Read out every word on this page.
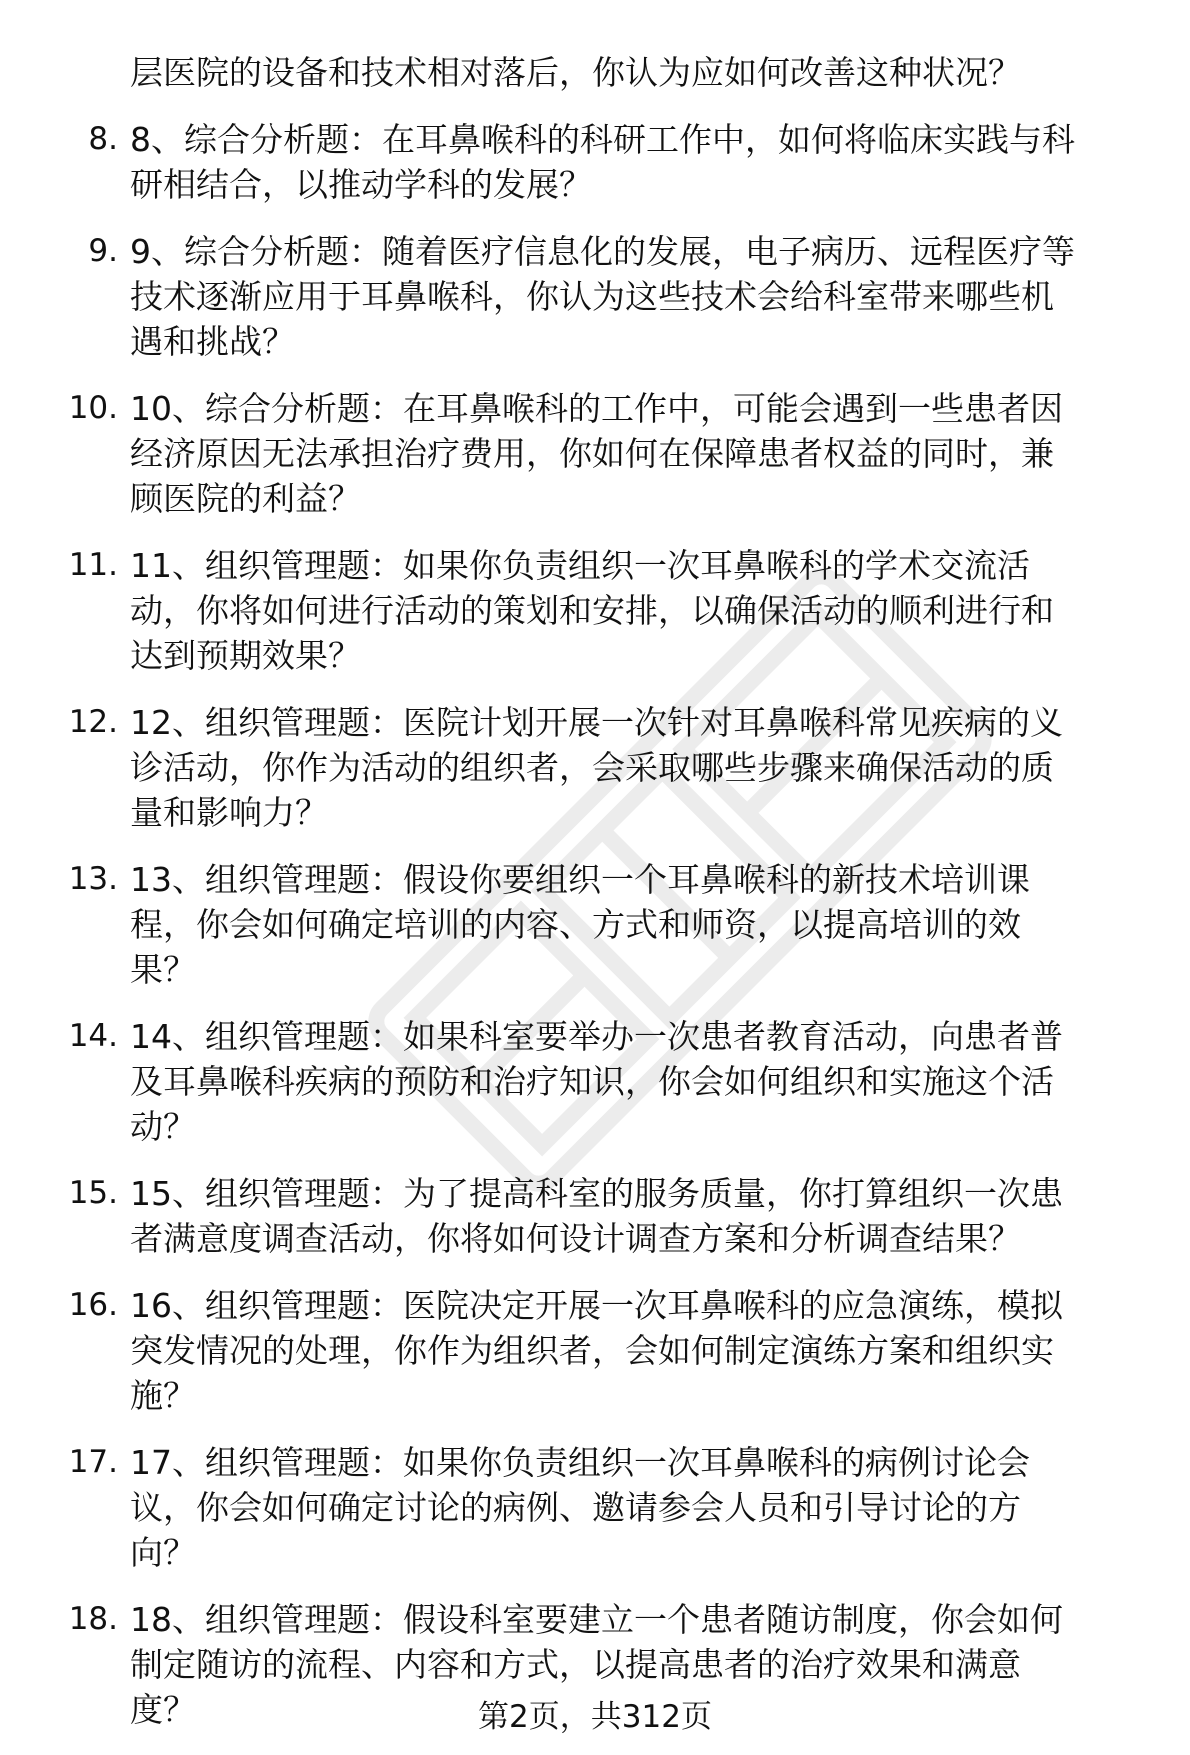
层医院的设备和技术相对落后，你认为应如何改善这种状况？
8. 8、综合分析题：在耳鼻喉科的科研工作中，如何将临床实践与科
研相结合，以推动学科的发展？
9. 9、综合分析题：随着医疗信息化的发展，电子病历、远程医疗等
技术逐渐应用于耳鼻喉科，你认为这些技术会给科室带来哪些机
遇和挑战？
10. 10、综合分析题：在耳鼻喉科的工作中，可能会遇到一些患者因
经济原因无法承担治疗费用，你如何在保障患者权益的同时，兼
顾医院的利益？
11. 11、组织管理题：如果你负责组织一次耳鼻喉科的学术交流活
动，你将如何进行活动的策划和安排，以确保活动的顺利进行和
达到预期效果？
12. 12、组织管理题：医院计划开展一次针对耳鼻喉科常见疾病的义
诊活动，你作为活动的组织者，会采取哪些步骤来确保活动的质
量和影响力？
13. 13、组织管理题：假设你要组织一个耳鼻喉科的新技术培训课
程，你会如何确定培训的内容、方式和师资，以提高培训的效
果？
14. 14、组织管理题：如果科室要举办一次患者教育活动，向患者普
及耳鼻喉科疾病的预防和治疗知识，你会如何组织和实施这个活
动？
15. 15、组织管理题：为了提高科室的服务质量，你打算组织一次患
者满意度调查活动，你将如何设计调查方案和分析调查结果？
16. 16、组织管理题：医院决定开展一次耳鼻喉科的应急演练，模拟
突发情况的处理，你作为组织者，会如何制定演练方案和组织实
施？
17. 17、组织管理题：如果你负责组织一次耳鼻喉科的病例讨论会
议，你会如何确定讨论的病例、邀请参会人员和引导讨论的方
向？
18. 18、组织管理题：假设科室要建立一个患者随访制度，你会如何
制定随访的流程、内容和方式，以提高患者的治疗效果和满意
度？	第2页，共312页
